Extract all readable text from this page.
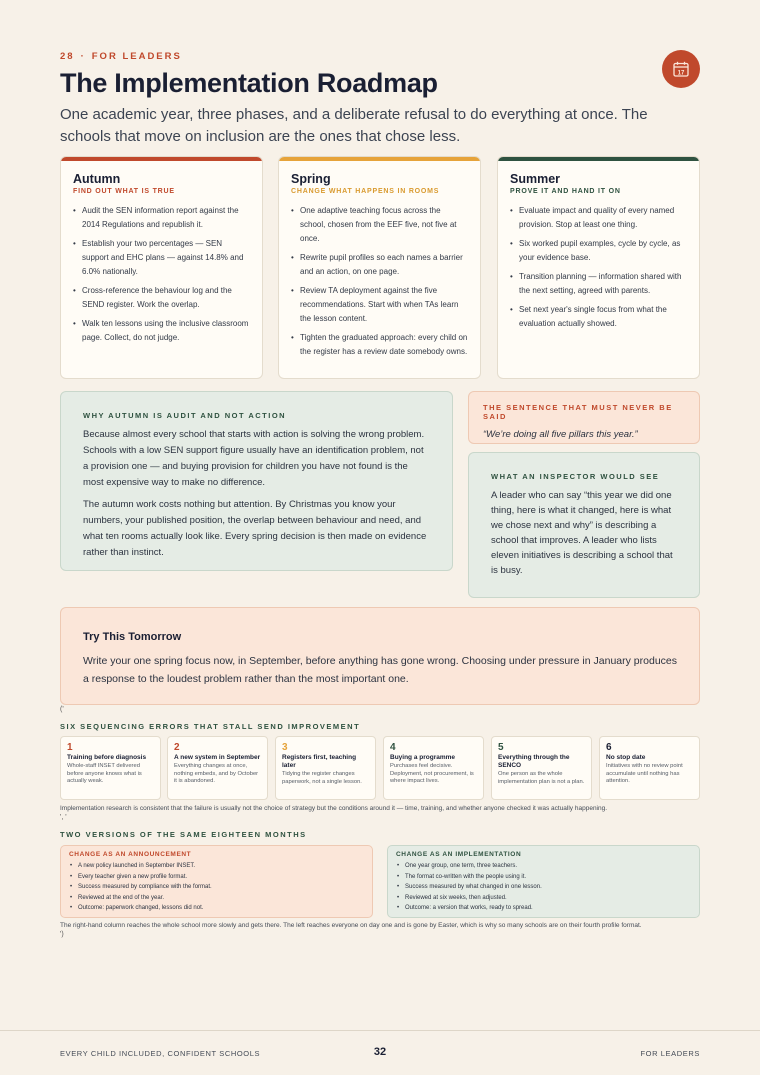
28 · FOR LEADERS
The Implementation Roadmap
One academic year, three phases, and a deliberate refusal to do everything at once. The schools that move on inclusion are the ones that chose less.
17
Autumn
FIND OUT WHAT IS TRUE
• Audit the SEN information report against the 2014 Regulations and republish it.
• Establish your two percentages — SEN support and EHC plans — against 14.8% and 6.0% nationally.
• Cross-reference the behaviour log and the SEND register. Work the overlap.
• Walk ten lessons using the inclusive classroom page. Collect, do not judge.
Spring
CHANGE WHAT HAPPENS IN ROOMS
• One adaptive teaching focus across the school, chosen from the EEF five, not five at once.
• Rewrite pupil profiles so each names a barrier and an action, on one page.
• Review TA deployment against the five recommendations. Start with when TAs learn the lesson content.
• Tighten the graduated approach: every child on the register has a review date somebody owns.
Summer
PROVE IT AND HAND IT ON
• Evaluate impact and quality of every named provision. Stop at least one thing.
• Six worked pupil examples, cycle by cycle, as your evidence base.
• Transition planning — information shared with the next setting, agreed with parents.
• Set next year's single focus from what the evaluation actually showed.
WHY AUTUMN IS AUDIT AND NOT ACTION

Because almost every school that starts with action is solving the wrong problem. Schools with a low SEN support figure usually have an identification problem, not a provision one — and buying provision for children you have not found is the most expensive way to make no difference.

The autumn work costs nothing but attention. By Christmas you know your numbers, your published position, the overlap between behaviour and need, and what ten rooms actually look like. Every spring decision is then made on evidence rather than instinct.

THE SENTENCE THAT MUST NEVER BE SAID

“We’re doing all five pillars this year.”

WHAT AN INSPECTOR WOULD SEE

A leader who can say “this year we did one thing, here is what it changed, here is what we chose next and why” is describing a school that improves. A leader who lists eleven initiatives is describing a school that is busy.

Try This Tomorrow

Write your one spring focus now, in September, before anything has gone wrong. Choosing under pressure in January produces a response to the loudest problem rather than the most important one.

('
SIX SEQUENCING ERRORS THAT STALL SEND IMPROVEMENT
1
Training before diagnosis
Whole-staff INSET delivered before anyone knows what is actually weak.
2
A new system in September
Everything changes at once, nothing embeds, and by October it is abandoned.
3
Registers first, teaching later
Tidying the register changes paperwork, not a single lesson.
4
Buying a programme
Purchases feel decisive. Deployment, not procurement, is where impact lives.
5
Everything through the SENCO
One person as the whole implementation plan is not a plan.
6
No stop date
Initiatives with no review point accumulate until nothing has attention.
Implementation research is consistent that the failure is usually not the choice of strategy but the conditions around it — time, training, and whether anyone checked it was actually happening.
', '
TWO VERSIONS OF THE SAME EIGHTEEN MONTHS
CHANGE AS AN ANNOUNCEMENT
• A new policy launched in September INSET.
• Every teacher given a new profile format.
• Success measured by compliance with the format.
• Reviewed at the end of the year.
• Outcome: paperwork changed, lessons did not.
CHANGE AS AN IMPLEMENTATION
• One year group, one term, three teachers.
• The format co-written with the people using it.
• Success measured by what changed in one lesson.
• Reviewed at six weeks, then adjusted.
• Outcome: a version that works, ready to spread.
The right-hand column reaches the whole school more slowly and gets there. The left reaches everyone on day one and is gone by Easter, which is why so many schools are on their fourth profile format.
')
EVERY CHILD INCLUDED, CONFIDENT SCHOOLS	32	FOR LEADERS
